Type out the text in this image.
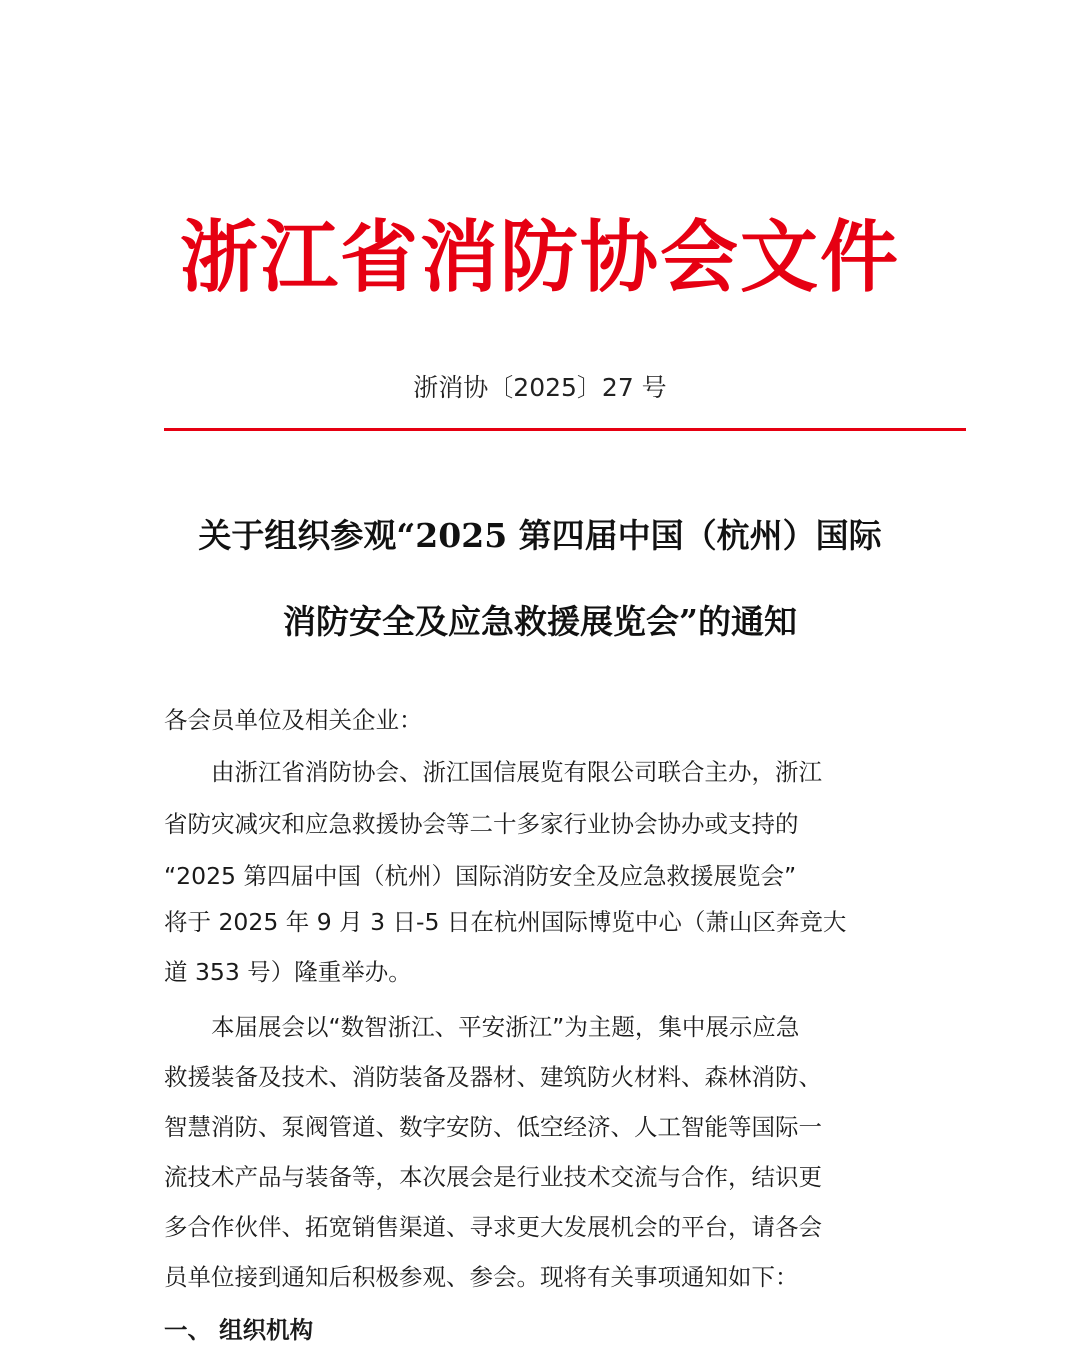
浙江省消防协会文件
浙消协〔2025〕27 号
关于组织参观“2025 第四届中国（杭州）国际
消防安全及应急救援展览会”的通知
各会员单位及相关企业：
　　由浙江省消防协会、浙江国信展览有限公司联合主办，浙江
省防灾减灾和应急救援协会等二十多家行业协会协办或支持的
“2025 第四届中国（杭州）国际消防安全及应急救援展览会”
将于 2025 年 9 月 3 日-5 日在杭州国际博览中心（萧山区奔竞大
道 353 号）隆重举办。
　　本届展会以“数智浙江、平安浙江”为主题，集中展示应急
救援装备及技术、消防装备及器材、建筑防火材料、森林消防、
智慧消防、泵阀管道、数字安防、低空经济、人工智能等国际一
流技术产品与装备等，本次展会是行业技术交流与合作，结识更
多合作伙伴、拓宽销售渠道、寻求更大发展机会的平台，请各会
员单位接到通知后积极参观、参会。现将有关事项通知如下：
一、 组织机构
